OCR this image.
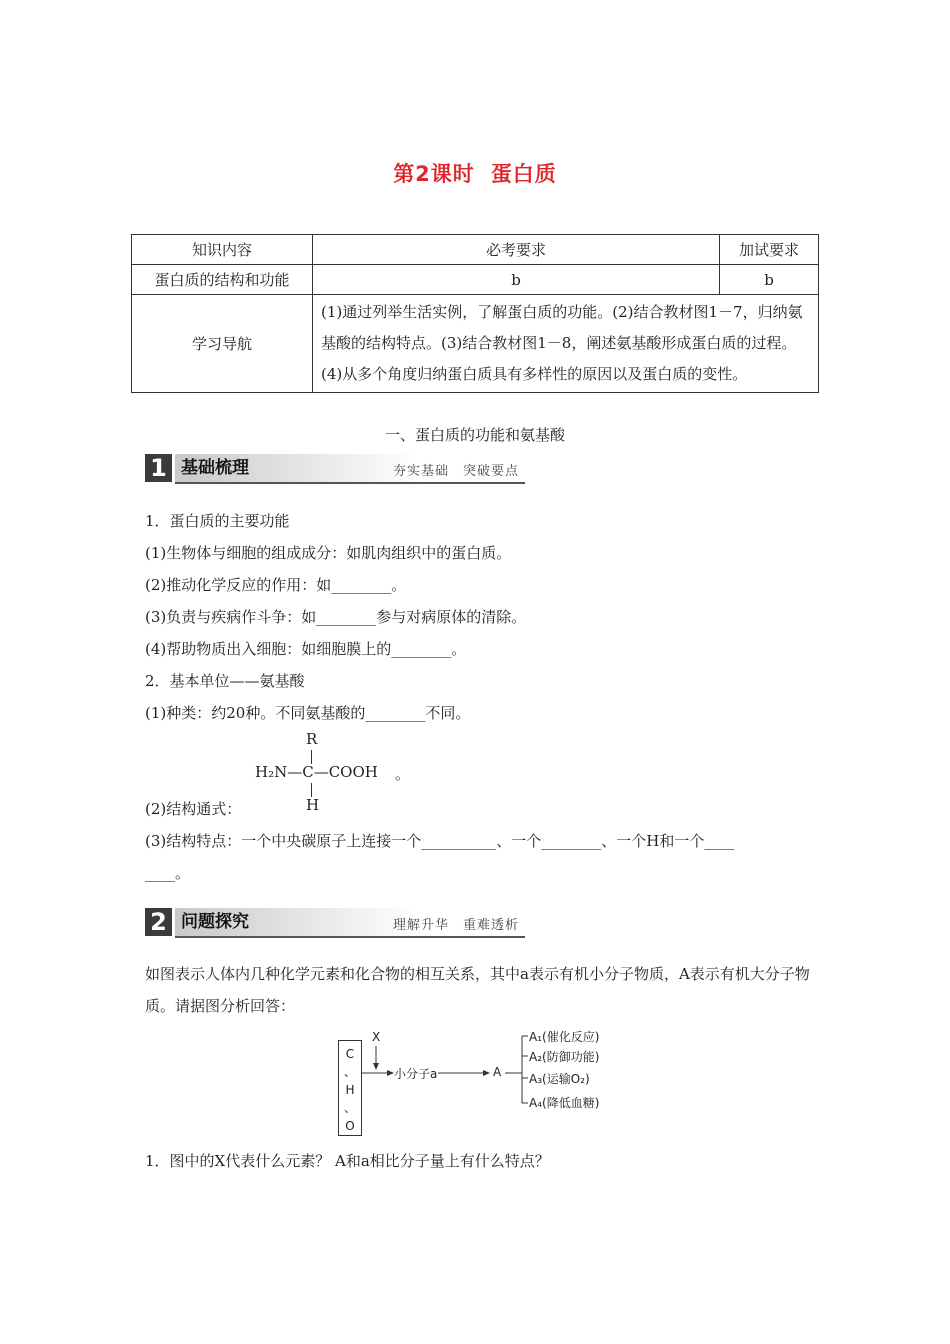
第2课时 蛋白质
知识内容	必考要求	加试要求
蛋白质的结构和功能	b	b
学习导航	(1)通过列举生活实例，了解蛋白质的功能。(2)结合教材图1－7，归纳氨基酸的结构特点。(3)结合教材图1－8，阐述氨基酸形成蛋白质的过程。(4)从多个角度归纳蛋白质具有多样性的原因以及蛋白质的变性。	
一、蛋白质的功能和氨基酸
1 基础梳理	夯实基础　突破要点
1．蛋白质的主要功能
(1)生物体与细胞的组成成分：如肌肉组织中的蛋白质。
(2)推动化学反应的作用：如________。
(3)负责与疾病作斗争：如________参与对病原体的清除。
(4)帮助物质出入细胞：如细胞膜上的________。
2．基本单位——氨基酸
(1)种类：约20种。不同氨基酸的________不同。
R
H₂N—C—COOH 。
H
(2)结构通式：
(3)结构特点：一个中央碳原子上连接一个__________、一个________、一个H和一个____
____。
2 问题探究	理解升华　重难透析
如图表示人体内几种化学元素和化合物的相互关系，其中a表示有机小分子物质，A表示有机大分子物质。请据图分析回答：
C
、
H
、
O
X
小分子a	A
A₁(催化反应)
A₂(防御功能)
A₃(运输O₂)
A₄(降低血糖)
1．图中的X代表什么元素？ A和a相比分子量上有什么特点？
